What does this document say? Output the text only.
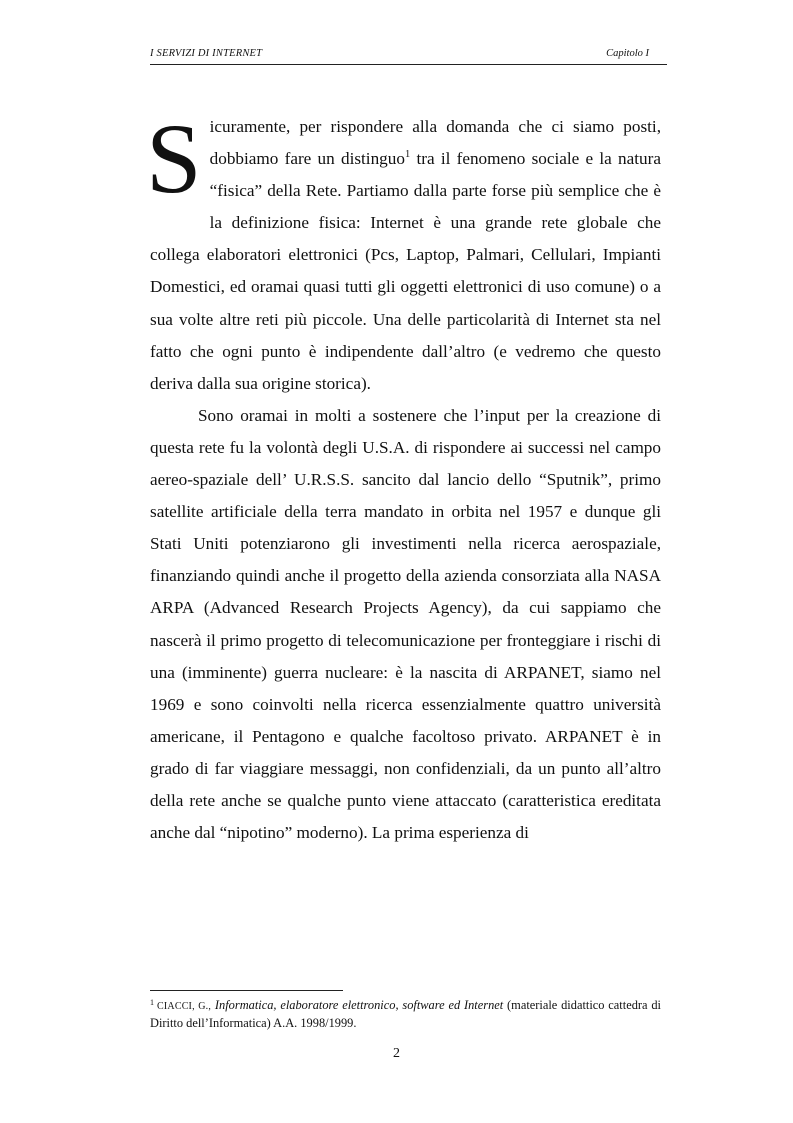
I SERVIZI DI INTERNET	Capitolo I

Sicuramente, per rispondere alla domanda che ci siamo posti, dobbiamo fare un distinguo$^1$ tra il fenomeno sociale e la natura “fisica” della Rete. Partiamo dalla parte forse più semplice che è la definizione fisica: Internet è una grande rete globale che collega elaboratori elettronici (Pcs, Laptop, Palmari, Cellulari, Impianti Domestici, ed oramai quasi tutti gli oggetti elettronici di uso comune) o a sua volte altre reti più piccole. Una delle particolarità di Internet sta nel fatto che ogni punto è indipendente dall’altro (e vedremo che questo deriva dalla sua origine storica).

Sono oramai in molti a sostenere che l’input per la creazione di questa rete fu la volontà degli U.S.A. di rispondere ai successi nel campo aereo-spaziale dell’ U.R.S.S. sancito dal lancio dello “Sputnik”, primo satellite artificiale della terra mandato in orbita nel 1957 e dunque gli Stati Uniti potenziarono gli investimenti nella ricerca aerospaziale, finanziando quindi anche il progetto della azienda consorziata alla NASA ARPA (Advanced Research Projects Agency), da cui sappiamo che nascerà il primo progetto di telecomunicazione per fronteggiare i rischi di una (imminente) guerra nucleare: è la nascita di ARPANET, siamo nel 1969 e sono coinvolti nella ricerca essenzialmente quattro università americane, il Pentagono e qualche facoltoso privato. ARPANET è in grado di far viaggiare messaggi, non confidenziali, da un punto all’altro della rete anche se qualche punto viene attaccato (caratteristica ereditata anche dal “nipotino” moderno). La prima esperienza di

$^1$ CIACCI, G., Informatica, elaboratore elettronico, software ed Internet (materiale didattico cattedra di Diritto dell’Informatica) A.A. 1998/1999.
2
